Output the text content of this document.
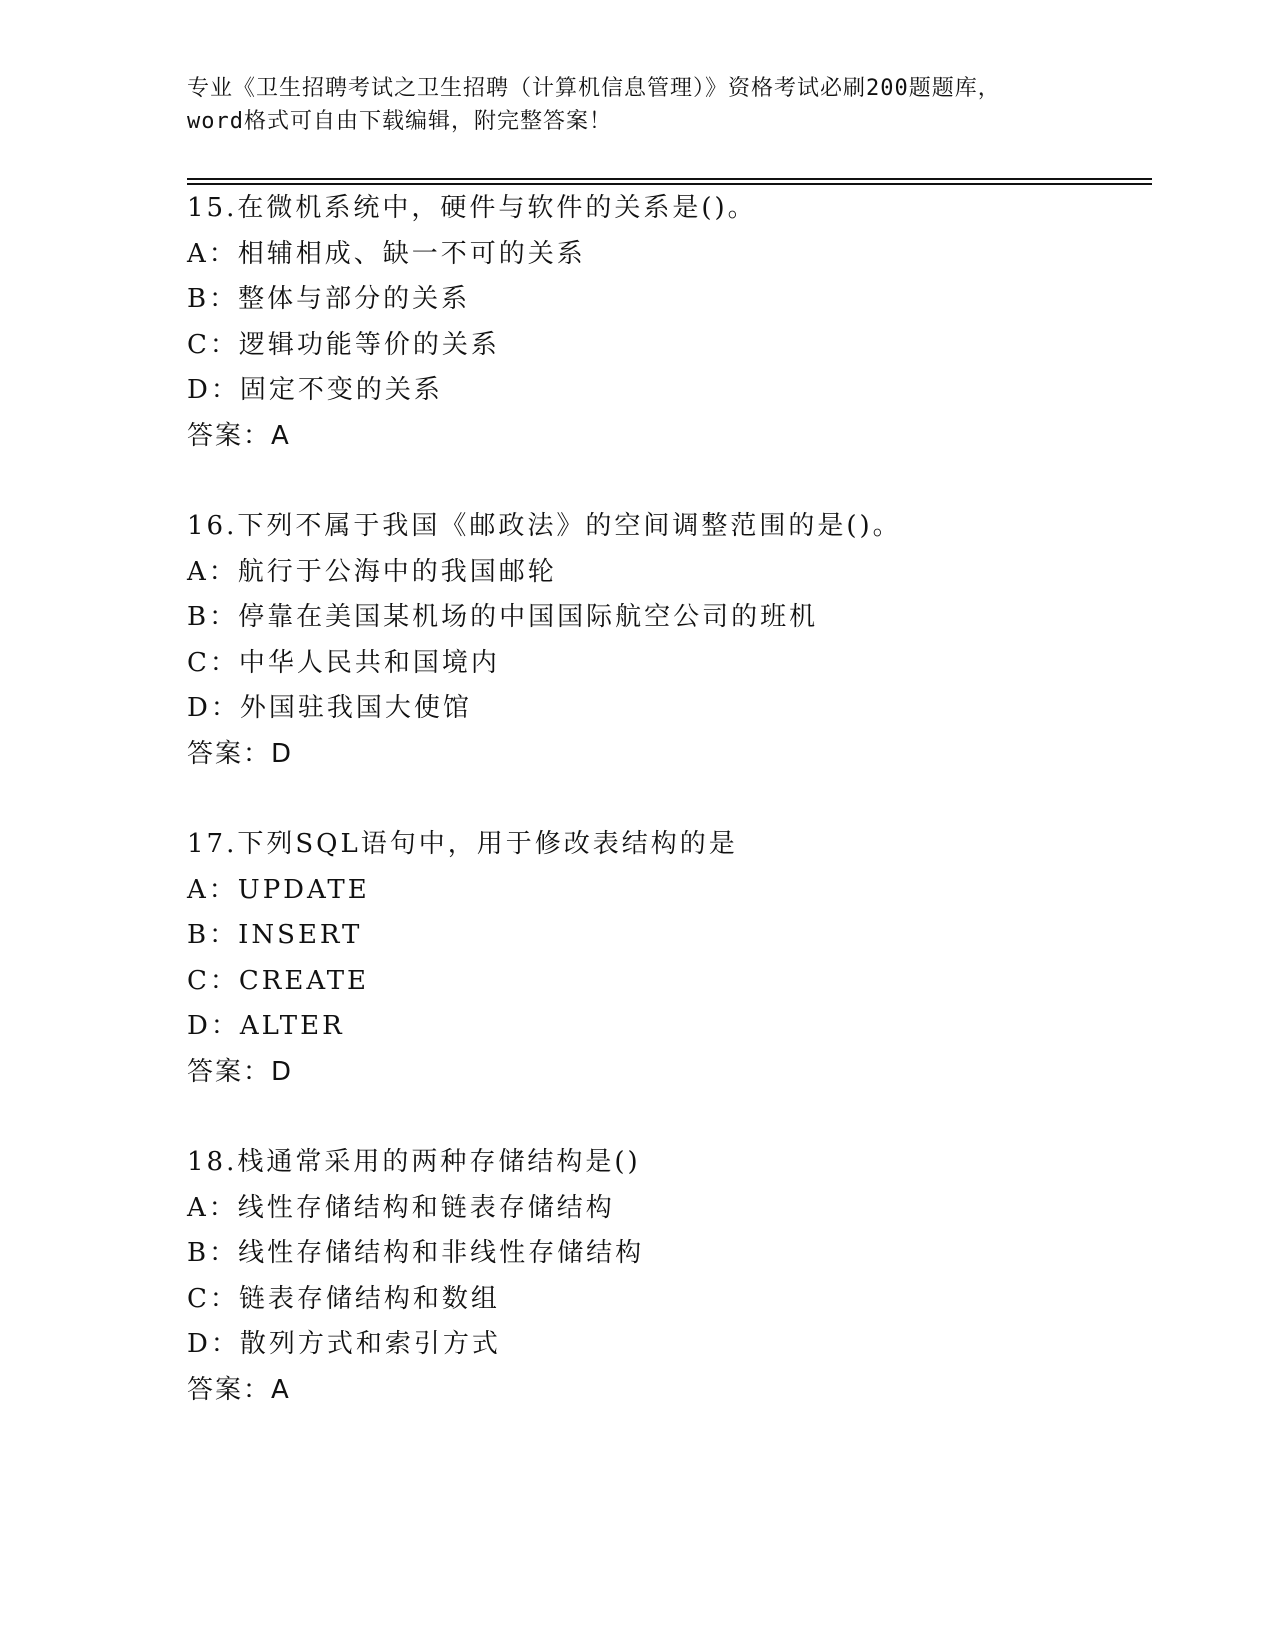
专业《卫生招聘考试之卫生招聘（计算机信息管理）》资格考试必刷200题题库，
word格式可自由下载编辑，附完整答案！
15.在微机系统中，硬件与软件的关系是()。
A：相辅相成、缺一不可的关系
B：整体与部分的关系
C：逻辑功能等价的关系
D：固定不变的关系
答案：A
16.下列不属于我国《邮政法》的空间调整范围的是()。
A：航行于公海中的我国邮轮
B：停靠在美国某机场的中国国际航空公司的班机
C：中华人民共和国境内
D：外国驻我国大使馆
答案：D
17.下列SQL语句中，用于修改表结构的是
A：UPDATE
B：INSERT
C：CREATE
D：ALTER
答案：D
18.栈通常采用的两种存储结构是()
A：线性存储结构和链表存储结构
B：线性存储结构和非线性存储结构
C：链表存储结构和数组
D：散列方式和索引方式
答案：A
